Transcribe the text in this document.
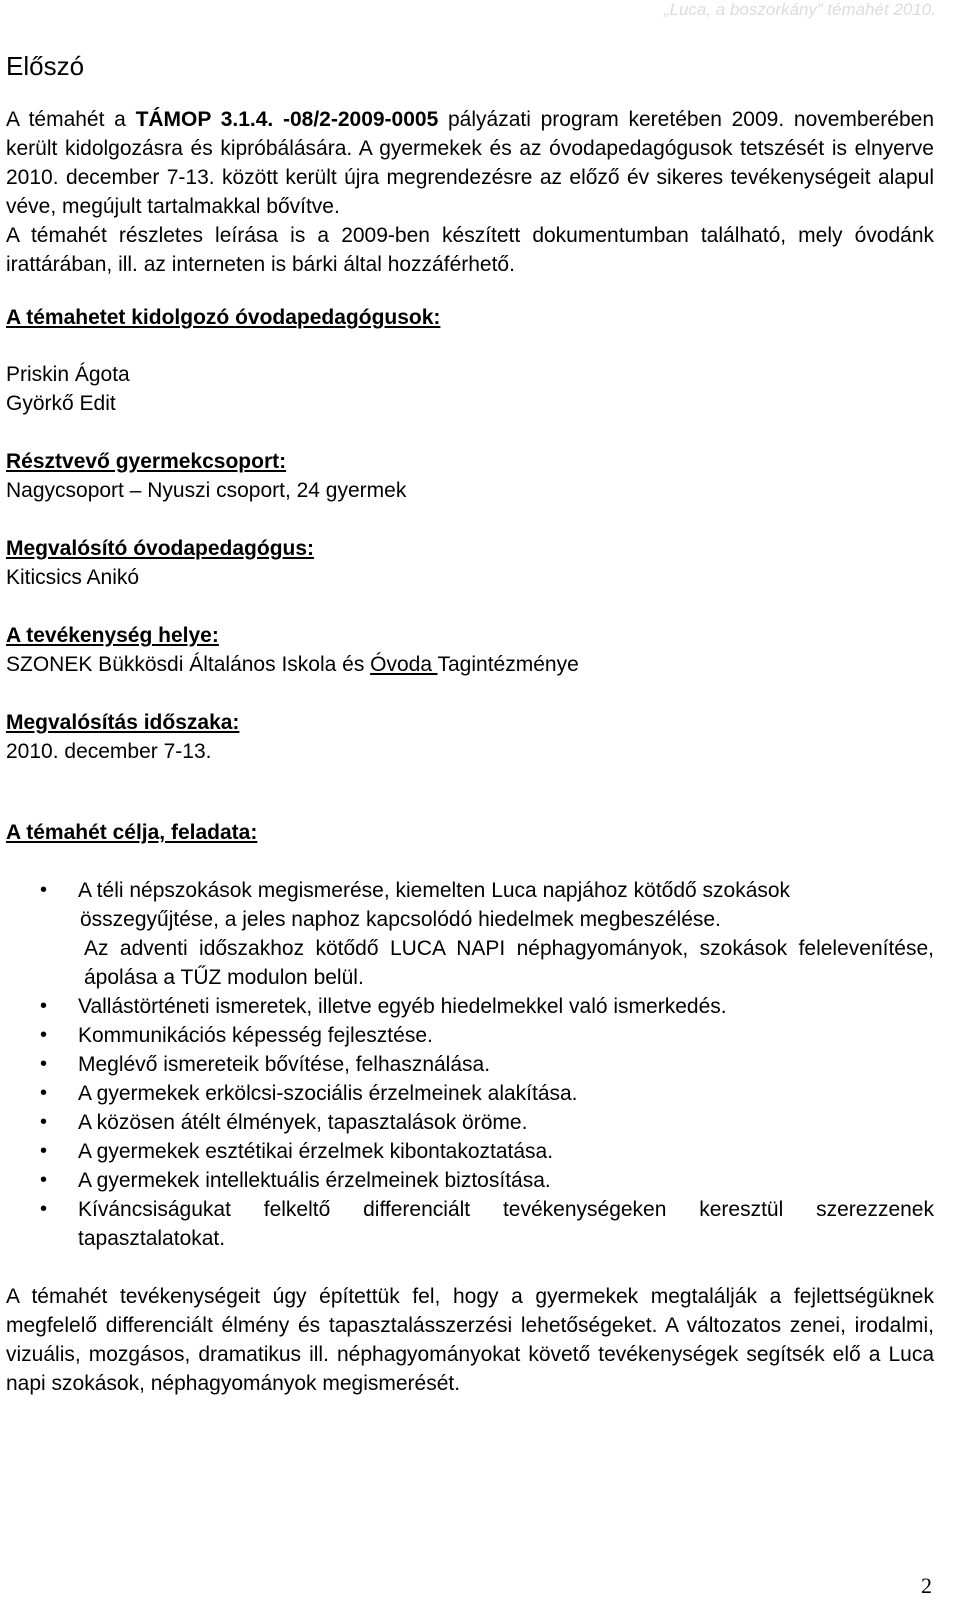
„Luca, a boszorkány” témahét 2010.
Előszó

A témahét a TÁMOP 3.1.4. -08/2-2009-0005 pályázati program keretében 2009. novemberében került kidolgozásra és kipróbálására. A gyermekek és az óvodapedagógusok tetszését is elnyerve 2010. december 7-13. között került újra megrendezésre az előző év sikeres tevékenységeit alapul véve, megújult tartalmakkal bővítve.

A témahét részletes leírása is a 2009-ben készített dokumentumban található, mely óvodánk irattárában, ill. az interneten is bárki által hozzáférhető.

A témahetet kidolgozó óvodapedagógusok:
Priskin Ágota
Györkő Edit
Résztvevő gyermekcsoport:
Nagycsoport – Nyuszi csoport, 24 gyermek
Megvalósító óvodapedagógus:
Kiticsics Anikó
A tevékenység helye:
SZONEK Bükkösdi Általános Iskola és Óvoda Tagintézménye
Megvalósítás időszaka:
2010. december 7-13.
A témahét célja, feladata:
• A téli népszokások megismerése, kiemelten Luca napjához kötődő szokások
összegyűjtése, a jeles naphoz kapcsolódó hiedelmek megbeszélése.
Az adventi időszakhoz kötődő LUCA NAPI néphagyományok, szokások felelevenítése, ápolása a TŰZ modulon belül.
• Vallástörténeti ismeretek, illetve egyéb hiedelmekkel való ismerkedés.
• Kommunikációs képesség fejlesztése.
• Meglévő ismereteik bővítése, felhasználása.
• A gyermekek erkölcsi-szociális érzelmeinek alakítása.
• A közösen átélt élmények, tapasztalások öröme.
• A gyermekek esztétikai érzelmek kibontakoztatása.
• A gyermekek intellektuális érzelmeinek biztosítása.
• Kíváncsiságukat felkeltő differenciált tevékenységeken keresztül szerezzenek tapasztalatokat.

A témahét tevékenységeit úgy építettük fel, hogy a gyermekek megtalálják a fejlettségüknek megfelelő differenciált élmény és tapasztalásszerzési lehetőségeket. A változatos zenei, irodalmi, vizuális, mozgásos, dramatikus ill. néphagyományokat követő tevékenységek segítsék elő a Luca napi szokások, néphagyományok megismerését.

2
